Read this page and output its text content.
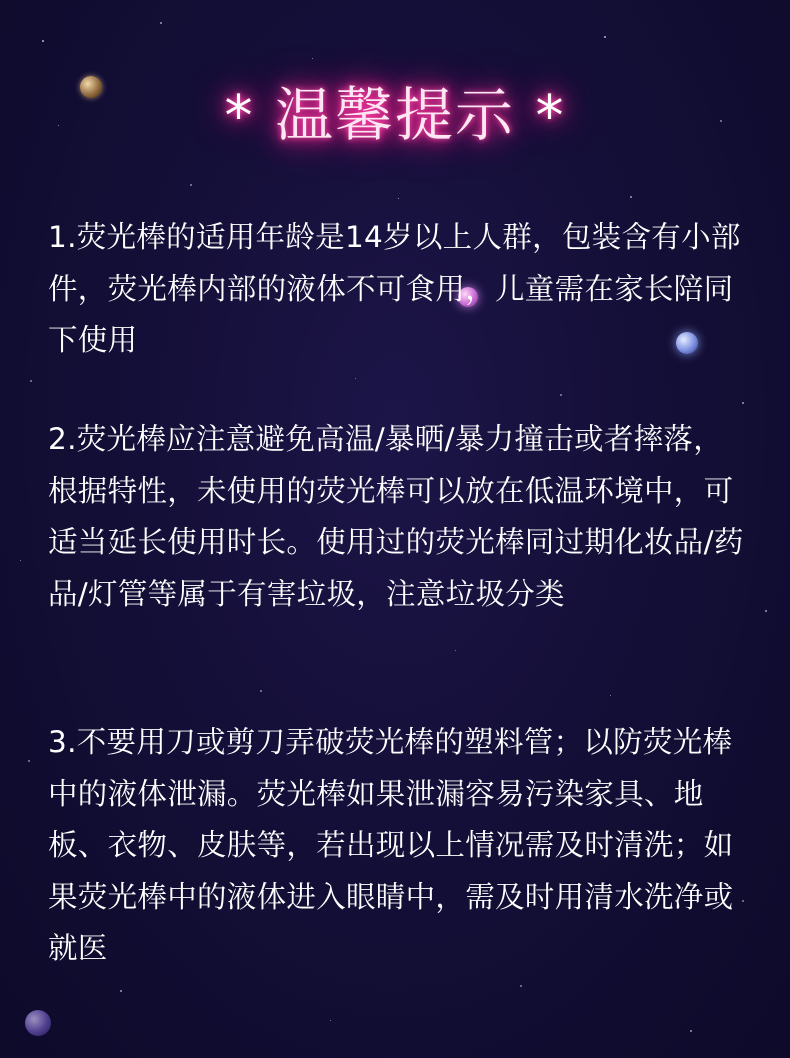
* 温馨提示 *
1.荧光棒的适用年龄是14岁以上人群，包装含有小部件，荧光棒内部的液体不可食用，儿童需在家长陪同下使用
2.荧光棒应注意避免高温/暴晒/暴力撞击或者摔落，根据特性，未使用的荧光棒可以放在低温环境中，可适当延长使用时长。使用过的荧光棒同过期化妆品/药品/灯管等属于有害垃圾，注意垃圾分类
3.不要用刀或剪刀弄破荧光棒的塑料管；以防荧光棒中的液体泄漏。荧光棒如果泄漏容易污染家具、地板、衣物、皮肤等，若出现以上情况需及时清洗；如果荧光棒中的液体进入眼睛中，需及时用清水洗净或就医
